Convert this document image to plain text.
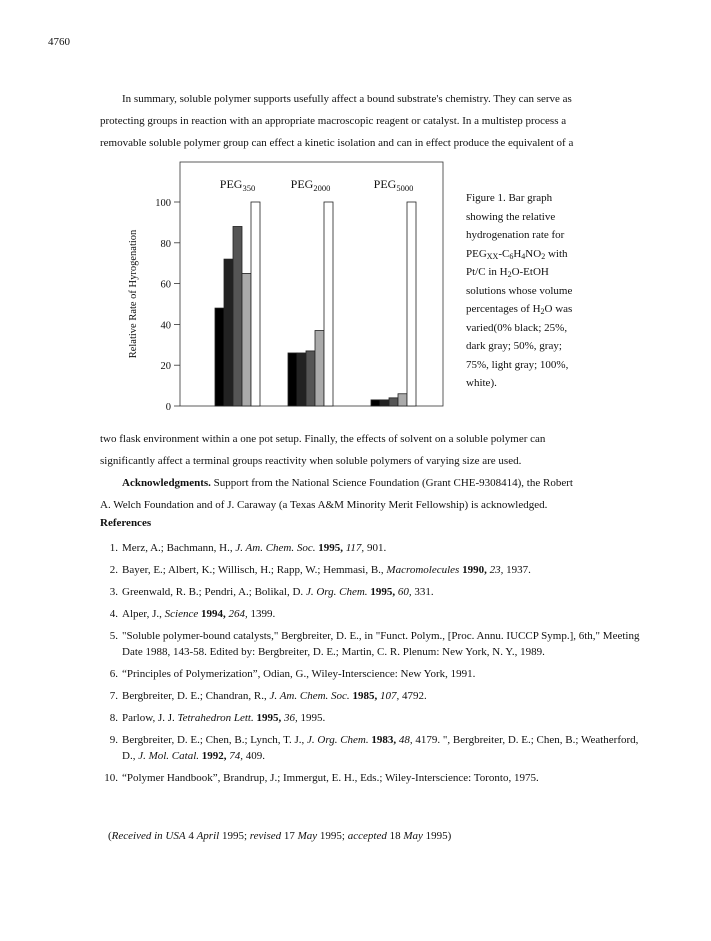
4760
In summary, soluble polymer supports usefully affect a bound substrate's chemistry. They can serve as
protecting groups in reaction with an appropriate macroscopic reagent or catalyst. In a multistep process a
removable soluble polymer group can effect a kinetic isolation and can in effect produce the equivalent of a
0
20
40
60
80
100
Relative Rate of Hyrogenation
$PEG_{350}$	$PEG_{2000}$	$PEG_{5000}$
Figure 1. Bar graph
showing the relative
hydrogenation rate for
$PEG_{XX}-C_6H_4NO_2$ with
Pt/C in $H_2O$-EtOH
solutions whose volume
percentages of $H_2O$ was
varied(0% black; 25%,
dark gray; 50%, gray;
75%, light gray; 100%,
white).
two flask environment within a one pot setup. Finally, the effects of solvent on a soluble polymer can
significantly affect a terminal groups reactivity when soluble polymers of varying size are used.
Acknowledgments. Support from the National Science Foundation (Grant CHE-9308414), the Robert
A. Welch Foundation and of J. Caraway (a Texas A&M Minority Merit Fellowship) is acknowledged.
References
1. Merz, A.; Bachmann, H., J. Am. Chem. Soc. 1995, 117, 901.
2. Bayer, E.; Albert, K.; Willisch, H.; Rapp, W.; Hemmasi, B., Macromolecules 1990, 23, 1937.
3. Greenwald, R. B.; Pendri, A.; Bolikal, D. J. Org. Chem. 1995, 60, 331.
4. Alper, J., Science 1994, 264, 1399.
5. "Soluble polymer-bound catalysts," Bergbreiter, D. E., in "Funct. Polym., [Proc. Annu. IUCCP Symp.], 6th," Meeting Date 1988, 143-58. Edited by: Bergbreiter, D. E.; Martin, C. R. Plenum: New York, N. Y., 1989.
6. “Principles of Polymerization”, Odian, G., Wiley-Interscience: New York, 1991.
7. Bergbreiter, D. E.; Chandran, R., J. Am. Chem. Soc. 1985, 107, 4792.
8. Parlow, J. J. Tetrahedron Lett. 1995, 36, 1995.
9. Bergbreiter, D. E.; Chen, B.; Lynch, T. J., J. Org. Chem. 1983, 48, 4179. ", Bergbreiter, D. E.; Chen, B.; Weatherford, D., J. Mol. Catal. 1992, 74, 409.
10. “Polymer Handbook”, Brandrup, J.; Immergut, E. H., Eds.; Wiley-Interscience: Toronto, 1975.
(Received in USA 4 April 1995; revised 17 May 1995; accepted 18 May 1995)
